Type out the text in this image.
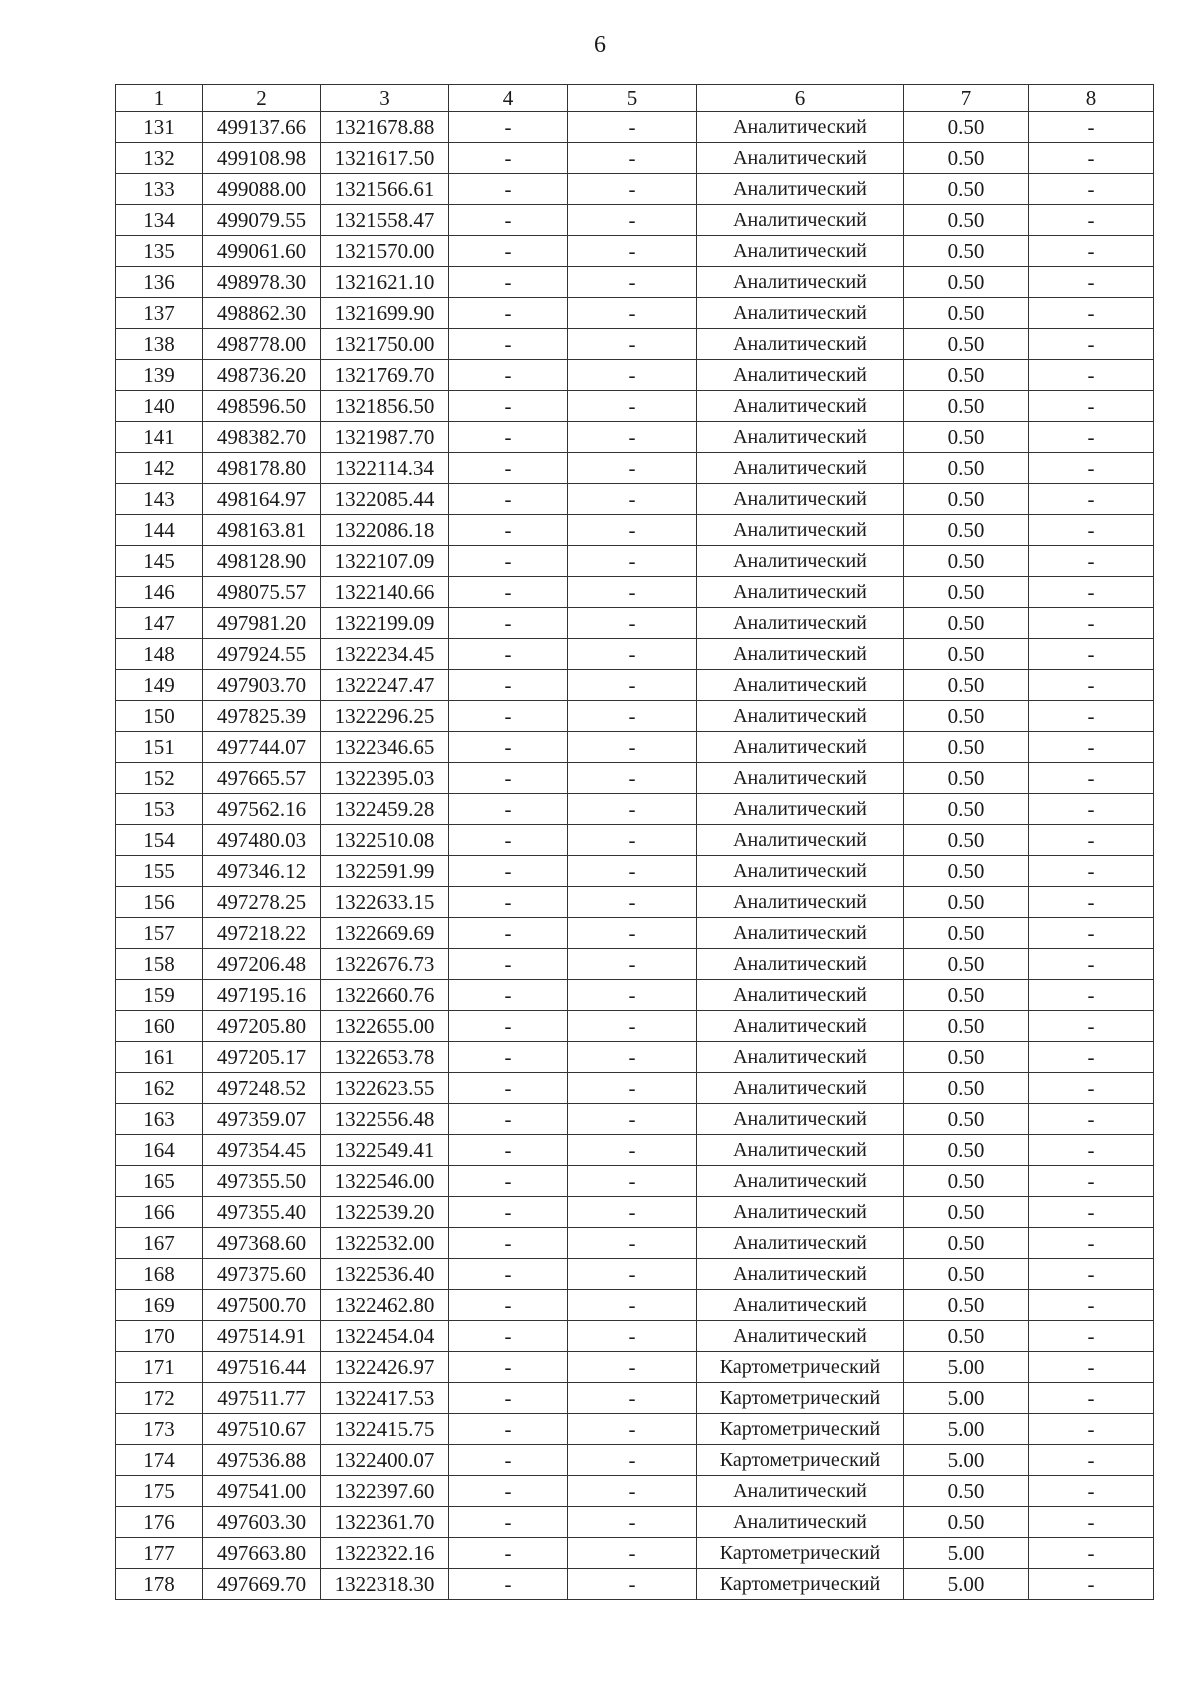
6
1	2	3	4	5	6	7	8
131	499137.66	1321678.88	-	-	Аналитический	0.50	-
132	499108.98	1321617.50	-	-	Аналитический	0.50	-
133	499088.00	1321566.61	-	-	Аналитический	0.50	-
134	499079.55	1321558.47	-	-	Аналитический	0.50	-
135	499061.60	1321570.00	-	-	Аналитический	0.50	-
136	498978.30	1321621.10	-	-	Аналитический	0.50	-
137	498862.30	1321699.90	-	-	Аналитический	0.50	-
138	498778.00	1321750.00	-	-	Аналитический	0.50	-
139	498736.20	1321769.70	-	-	Аналитический	0.50	-
140	498596.50	1321856.50	-	-	Аналитический	0.50	-
141	498382.70	1321987.70	-	-	Аналитический	0.50	-
142	498178.80	1322114.34	-	-	Аналитический	0.50	-
143	498164.97	1322085.44	-	-	Аналитический	0.50	-
144	498163.81	1322086.18	-	-	Аналитический	0.50	-
145	498128.90	1322107.09	-	-	Аналитический	0.50	-
146	498075.57	1322140.66	-	-	Аналитический	0.50	-
147	497981.20	1322199.09	-	-	Аналитический	0.50	-
148	497924.55	1322234.45	-	-	Аналитический	0.50	-
149	497903.70	1322247.47	-	-	Аналитический	0.50	-
150	497825.39	1322296.25	-	-	Аналитический	0.50	-
151	497744.07	1322346.65	-	-	Аналитический	0.50	-
152	497665.57	1322395.03	-	-	Аналитический	0.50	-
153	497562.16	1322459.28	-	-	Аналитический	0.50	-
154	497480.03	1322510.08	-	-	Аналитический	0.50	-
155	497346.12	1322591.99	-	-	Аналитический	0.50	-
156	497278.25	1322633.15	-	-	Аналитический	0.50	-
157	497218.22	1322669.69	-	-	Аналитический	0.50	-
158	497206.48	1322676.73	-	-	Аналитический	0.50	-
159	497195.16	1322660.76	-	-	Аналитический	0.50	-
160	497205.80	1322655.00	-	-	Аналитический	0.50	-
161	497205.17	1322653.78	-	-	Аналитический	0.50	-
162	497248.52	1322623.55	-	-	Аналитический	0.50	-
163	497359.07	1322556.48	-	-	Аналитический	0.50	-
164	497354.45	1322549.41	-	-	Аналитический	0.50	-
165	497355.50	1322546.00	-	-	Аналитический	0.50	-
166	497355.40	1322539.20	-	-	Аналитический	0.50	-
167	497368.60	1322532.00	-	-	Аналитический	0.50	-
168	497375.60	1322536.40	-	-	Аналитический	0.50	-
169	497500.70	1322462.80	-	-	Аналитический	0.50	-
170	497514.91	1322454.04	-	-	Аналитический	0.50	-
171	497516.44	1322426.97	-	-	Картометрический	5.00	-
172	497511.77	1322417.53	-	-	Картометрический	5.00	-
173	497510.67	1322415.75	-	-	Картометрический	5.00	-
174	497536.88	1322400.07	-	-	Картометрический	5.00	-
175	497541.00	1322397.60	-	-	Аналитический	0.50	-
176	497603.30	1322361.70	-	-	Аналитический	0.50	-
177	497663.80	1322322.16	-	-	Картометрический	5.00	-
178	497669.70	1322318.30	-	-	Картометрический	5.00	-
